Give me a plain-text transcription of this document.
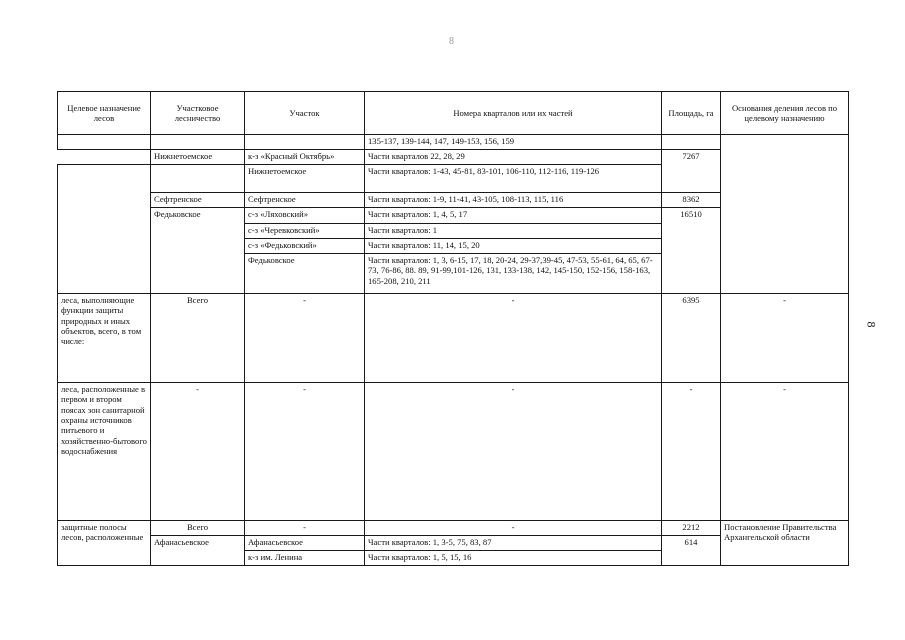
8
8
Целевое назначение лесов	Участковое лесничество	Участок	Номера кварталов или их частей	Площадь, га	Основания деления лесов по целевому назначению
			135-137, 139-144, 147, 149-153, 156, 159		
	Нижнетоемское	к-з «Красный Октябрь»	Части кварталов 22, 28, 29	7267	
		Нижнетоемское	Части кварталов: 1-43, 45-81, 83-101, 106-110, 112-116, 119-126		
	Сефтренское	Сефтренское	Части кварталов: 1-9, 11-41, 43-105, 108-113, 115, 116	8362	
	Федьковское	с-з «Ляховский»	Части кварталов: 1, 4, 5, 17	16510	
		с-з «Черевковский»	Части кварталов: 1		
		с-з «Федьковский»	Части кварталов: 11, 14, 15, 20		
		Федьковское	Части кварталов: 1, 3, 6-15, 17, 18, 20-24, 29-37,39-45, 47-53, 55-61, 64, 65, 67-73, 76-86, 88. 89, 91-99,101-126, 131, 133-138, 142, 145-150, 152-156, 158-163, 165-208, 210, 211		
леса, выполняющие функции защиты природных и иных объектов, всего, в том числе:	Всего	-	-	6395	-
леса, расположенные в первом и втором поясах зон санитарной охраны источников питьевого и хозяйственно-бытового водоснабжения	-	-	-	-	-
защитные полосы лесов, расположенные	Всего	-	-	2212	Постановление Правительства Архангельской области
	Афанасьевское	Афанасьевское	Части кварталов: 1, 3-5, 75, 83, 87	614	
		к-з им. Ленина	Части кварталов: 1, 5, 15, 16		
